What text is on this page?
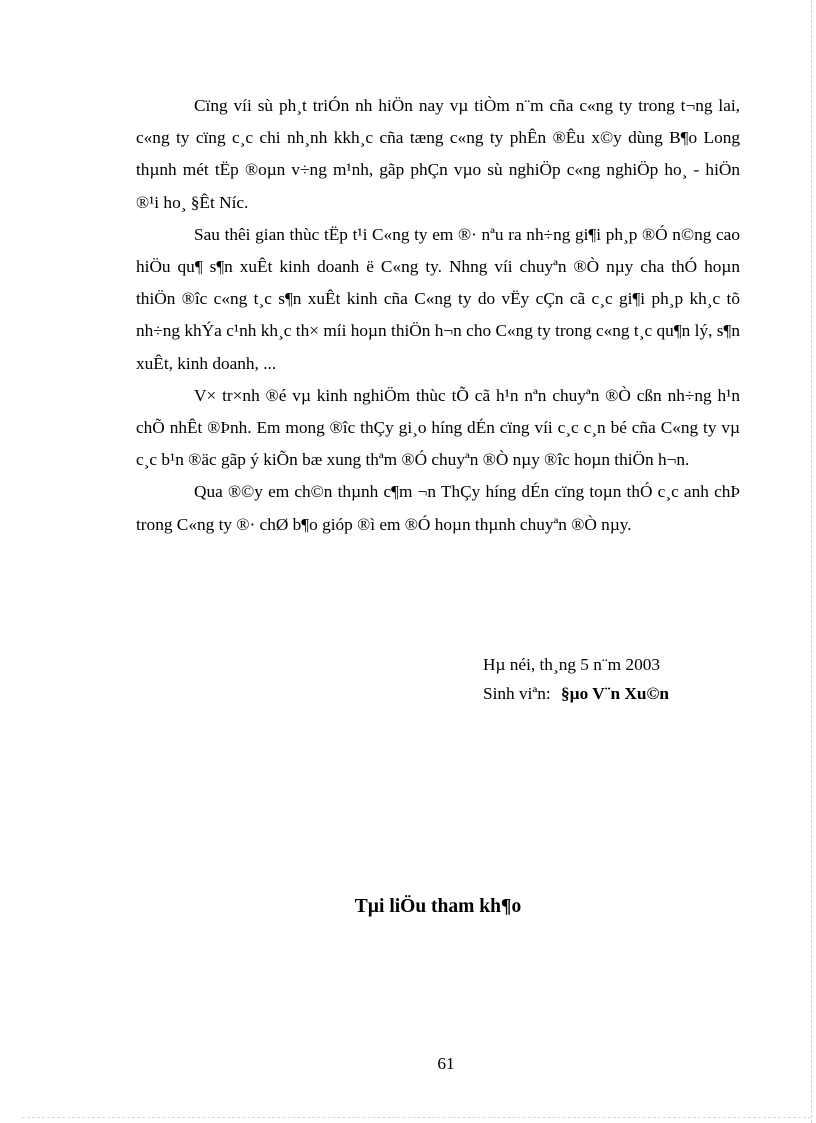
Cïng víi sù ph¸t triÓn nh hiÖn nay vµ tiÒm n¨m cña c«ng ty trong t¬ng lai, c«ng ty cïng c¸c chi nh¸nh kkh¸c cña tæng c«ng ty phÊn ®Êu x©y dùng B¶o Long thµnh mét tËp ®oµn v÷ng m¹nh, gãp phÇn vµo sù nghiÖp c«ng nghiÖp ho¸ - hiÖn ®¹i ho¸ §Êt Níc.

Sau thêi gian thùc tËp t¹i C«ng ty em ®· nªu ra nh÷ng gi¶i ph¸p ®Ó n©ng cao hiÖu qu¶ s¶n xuÊt kinh doanh ë C«ng ty. Nhng víi chuyªn ®Ò nµy cha thÓ hoµn thiÖn ®îc c«ng t¸c s¶n xuÊt kinh cña C«ng ty do vËy cÇn cã c¸c gi¶i ph¸p kh¸c tõ nh÷ng khÝa c¹nh kh¸c th× míi hoµn thiÖn h¬n cho C«ng ty trong c«ng t¸c qu¶n lý, s¶n xuÊt, kinh doanh, ...

V× tr×nh ®é vµ kinh nghiÖm thùc tÕ cã h¹n nªn chuyªn ®Ò cßn nh÷ng h¹n chÕ nhÊt ®Þnh. Em mong ®îc thÇy gi¸o híng dÉn cïng víi c¸c c¸n bé cña C«ng ty vµ c¸c b¹n ®äc gãp ý kiÕn bæ xung thªm ®Ó chuyªn ®Ò nµy ®îc hoµn thiÖn h¬n.

Qua ®©y em ch©n thµnh c¶m ¬n ThÇy híng dÉn cïng toµn thÓ c¸c anh chÞ trong C«ng ty ®· chØ b¶o gióp ®ì em ®Ó hoµn thµnh chuyªn ®Ò nµy.

Hµ néi, th¸ng 5 n¨m 2003
Sinh viªn: §µo V¨n Xu©n
Tµi liÖu tham kh¶o
61
